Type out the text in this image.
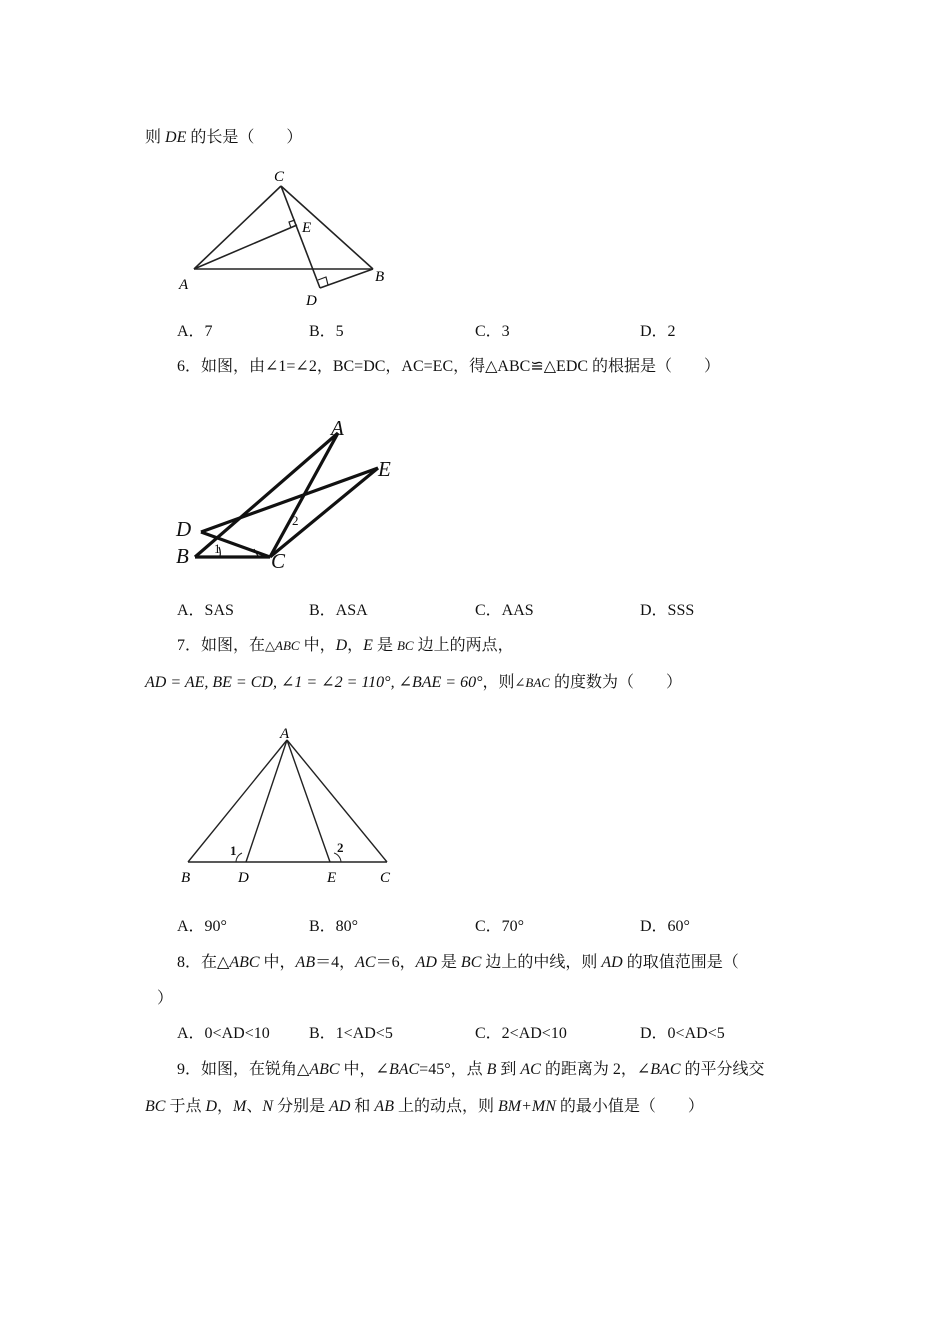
则 DE 的长是（　　）
C
E
A	B
D
A．7	B．5	C．3	D．2
6．如图，由∠1=∠2，BC=DC，AC=EC，得△ABC≌△EDC 的根据是（　　）
A
E
D
B	C
1
2
A．SAS	B．ASA	C．AAS	D．SSS
7．如图，在△ABC 中，D，E 是 BC 边上的两点，
AD = AE, BE = CD, ∠1 = ∠2 = 110°, ∠BAE = 60°，则∠BAC 的度数为（　　）
A
B	D	E	C
1	2
A．90°	B．80°	C．70°	D．60°
8．在△ABC 中，AB＝4，AC＝6，AD 是 BC 边上的中线，则 AD 的取值范围是（
）
A．0<AD<10 B．1<AD<5	C．2<AD<10	D．0<AD<5
9．如图，在锐角△ABC 中，∠BAC=45°，点 B 到 AC 的距离为 2，∠BAC 的平分线交
BC 于点 D，M、N 分别是 AD 和 AB 上的动点，则 BM+MN 的最小值是（　　）
